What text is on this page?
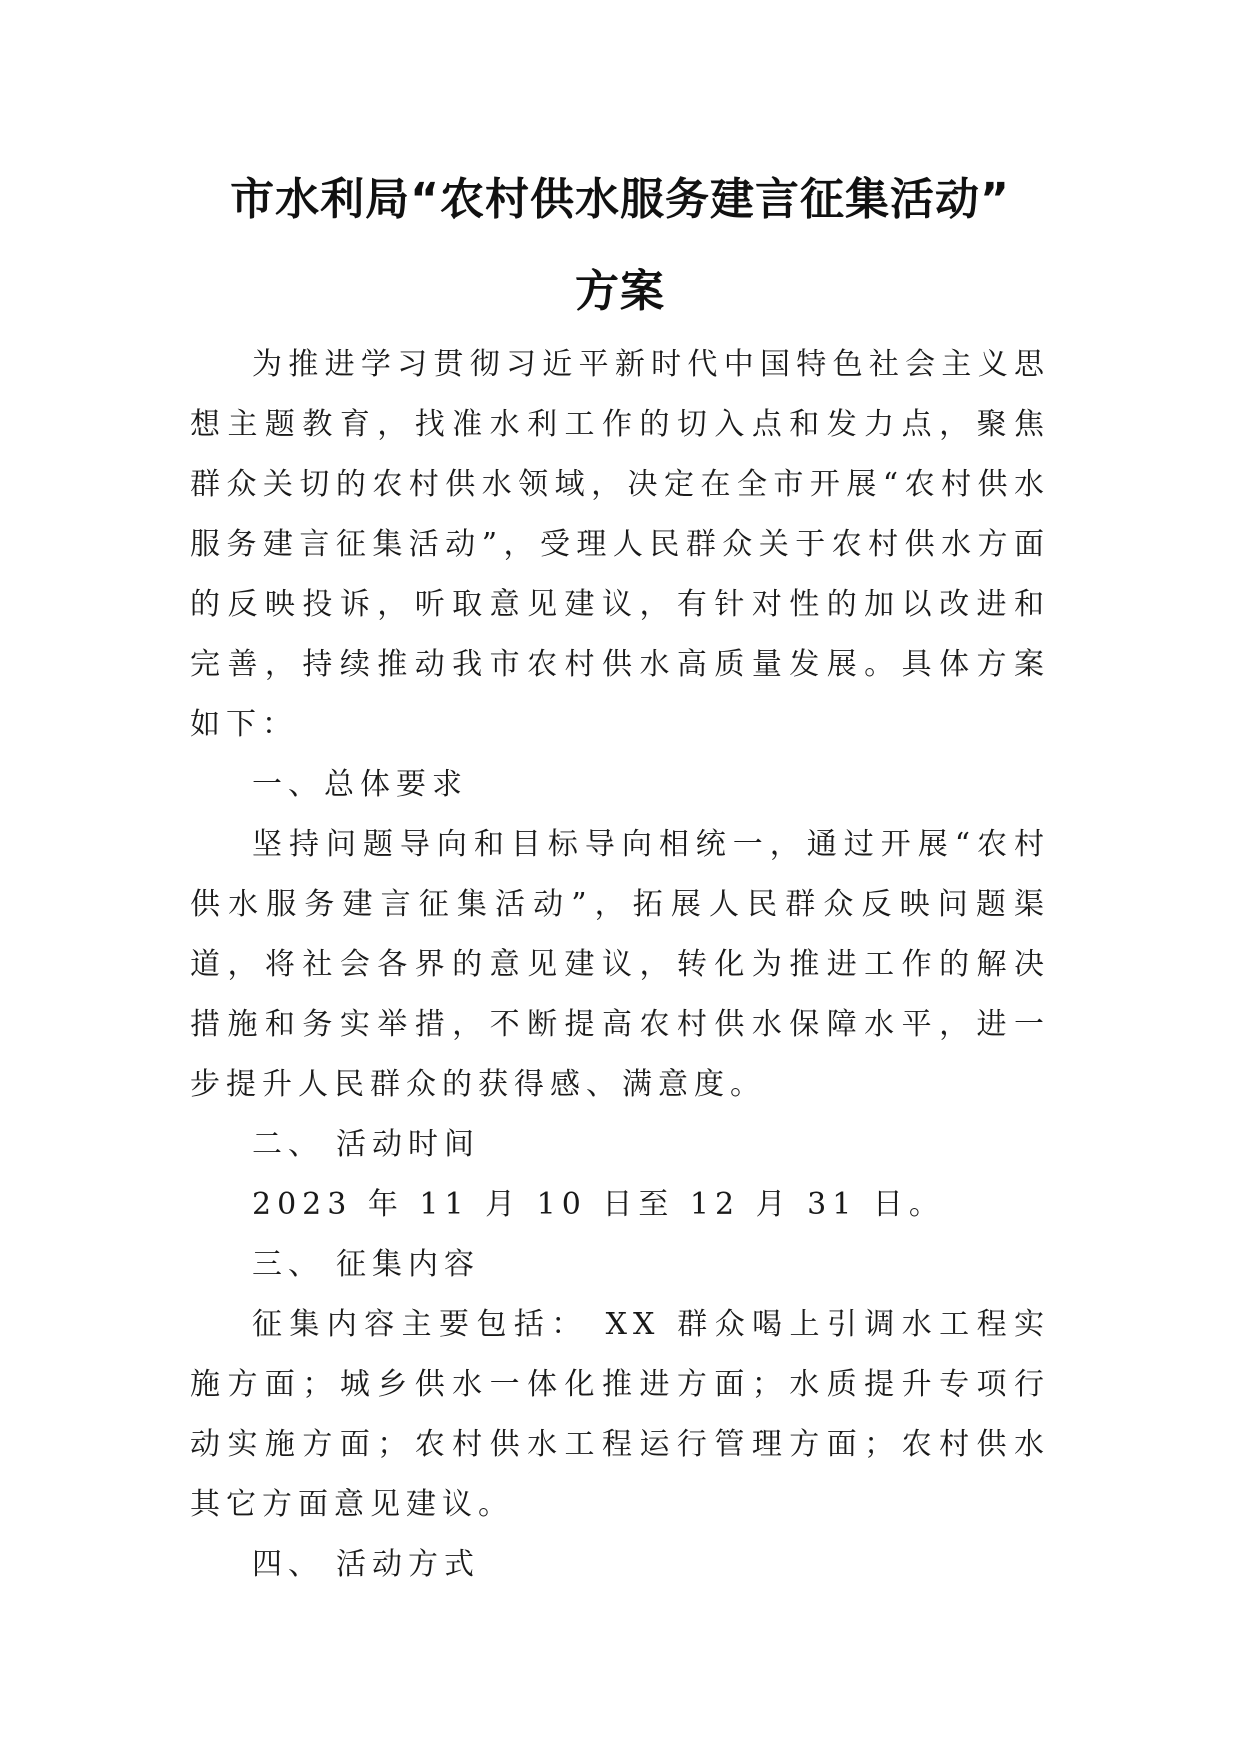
市水利局“农村供水服务建言征集活动”
方案

为推进学习贯彻习近平新时代中国特色社会主义思想主题教育，找准水利工作的切入点和发力点，聚焦群众关切的农村供水领域，决定在全市开展“农村供水服务建言征集活动”，受理人民群众关于农村供水方面的反映投诉，听取意见建议，有针对性的加以改进和完善，持续推动我市农村供水高质量发展。具体方案如下：

一、总体要求

坚持问题导向和目标导向相统一，通过开展“农村供水服务建言征集活动”，拓展人民群众反映问题渠道，将社会各界的意见建议，转化为推进工作的解决措施和务实举措，不断提高农村供水保障水平，进一步提升人民群众的获得感、满意度。

二、 活动时间

2023 年 11 月 10 日至 12 月 31 日。

三、 征集内容

征集内容主要包括： XX 群众喝上引调水工程实施方面；城乡供水一体化推进方面；水质提升专项行动实施方面；农村供水工程运行管理方面；农村供水其它方面意见建议。

四、 活动方式
